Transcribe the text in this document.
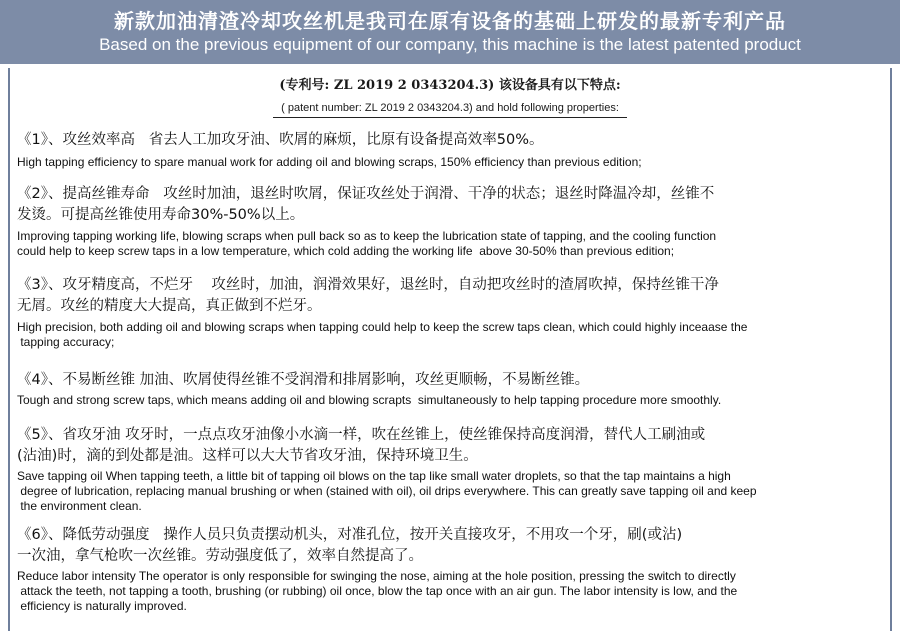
新款加油清渣冷却攻丝机是我司在原有设备的基础上研发的最新专利产品
Based on the previous equipment of our company, this machine is the latest patented product
(专利号: ZL 2019 2 0343204.3) 该设备具有以下特点:
( patent number: ZL 2019 2 0343204.3) and hold following properties:
《1》、攻丝效率高   省去人工加攻牙油、吹屑的麻烦，比原有设备提高效率50%。
High tapping efficiency to spare manual work for adding oil and blowing scraps, 150% efficiency than previous edition;
《2》、提高丝锥寿命   攻丝时加油，退丝时吹屑，保证攻丝处于润滑、干净的状态；退丝时降温冷却，丝锥不
发烫。可提高丝锥使用寿命30%-50%以上。
Improving tapping working life, blowing scraps when pull back so as to keep the lubrication state of tapping, and the cooling function
could help to keep screw taps in a low temperature, which cold adding the working life  above 30-50% than previous edition;
《3》、攻牙精度高，不烂牙    攻丝时，加油，润滑效果好，退丝时，自动把攻丝时的渣屑吹掉，保持丝锥干净
无屑。攻丝的精度大大提高，真正做到不烂牙。
High precision, both adding oil and blowing scraps when tapping could help to keep the screw taps clean, which could highly inceaase the
tapping accuracy;
《4》、不易断丝锥 加油、吹屑使得丝锥不受润滑和排屑影响，攻丝更顺畅，不易断丝锥。
Tough and strong screw taps, which means adding oil and blowing scrapts  simultaneously to help tapping procedure more smoothly.
《5》、省攻牙油 攻牙时，一点点攻牙油像小水滴一样，吹在丝锥上，使丝锥保持高度润滑，替代人工刷油或
(沾油)时，滴的到处都是油。这样可以大大节省攻牙油，保持环境卫生。
Save tapping oil When tapping teeth, a little bit of tapping oil blows on the tap like small water droplets, so that the tap maintains a high
degree of lubrication, replacing manual brushing or when (stained with oil), oil drips everywhere. This can greatly save tapping oil and keep
the environment clean.
《6》、降低劳动强度   操作人员只负责摆动机头，对准孔位，按开关直接攻牙，不用攻一个牙，刷(或沾)
一次油，拿气枪吹一次丝锥。劳动强度低了，效率自然提高了。
Reduce labor intensity The operator is only responsible for swinging the nose, aiming at the hole position, pressing the switch to directly
attack the teeth, not tapping a tooth, brushing (or rubbing) oil once, blow the tap once with an air gun. The labor intensity is low, and the
efficiency is naturally improved.
